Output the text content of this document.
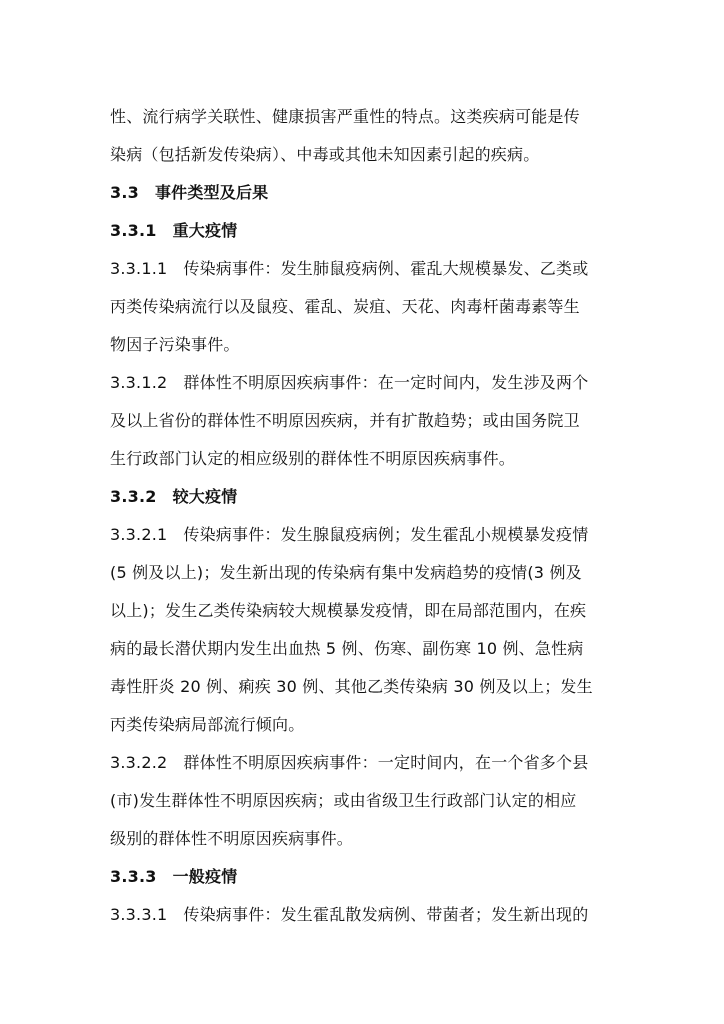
性、流行病学关联性、健康损害严重性的特点。这类疾病可能是传
染病（包括新发传染病）、中毒或其他未知因素引起的疾病。
3.3 事件类型及后果
3.3.1 重大疫情
3.3.1.1 传染病事件：发生肺鼠疫病例、霍乱大规模暴发、乙类或
丙类传染病流行以及鼠疫、霍乱、炭疽、天花、肉毒杆菌毒素等生
物因子污染事件。
3.3.1.2 群体性不明原因疾病事件：在一定时间内，发生涉及两个
及以上省份的群体性不明原因疾病，并有扩散趋势；或由国务院卫
生行政部门认定的相应级别的群体性不明原因疾病事件。
3.3.2 较大疫情
3.3.2.1 传染病事件：发生腺鼠疫病例；发生霍乱小规模暴发疫情
(5 例及以上)；发生新出现的传染病有集中发病趋势的疫情(3 例及
以上)；发生乙类传染病较大规模暴发疫情，即在局部范围内，在疾
病的最长潜伏期内发生出血热 5 例、伤寒、副伤寒 10 例、急性病
毒性肝炎 20 例、痢疾 30 例、其他乙类传染病 30 例及以上；发生
丙类传染病局部流行倾向。
3.3.2.2 群体性不明原因疾病事件：一定时间内，在一个省多个县
(市)发生群体性不明原因疾病；或由省级卫生行政部门认定的相应
级别的群体性不明原因疾病事件。
3.3.3 一般疫情
3.3.3.1 传染病事件：发生霍乱散发病例、带菌者；发生新出现的
